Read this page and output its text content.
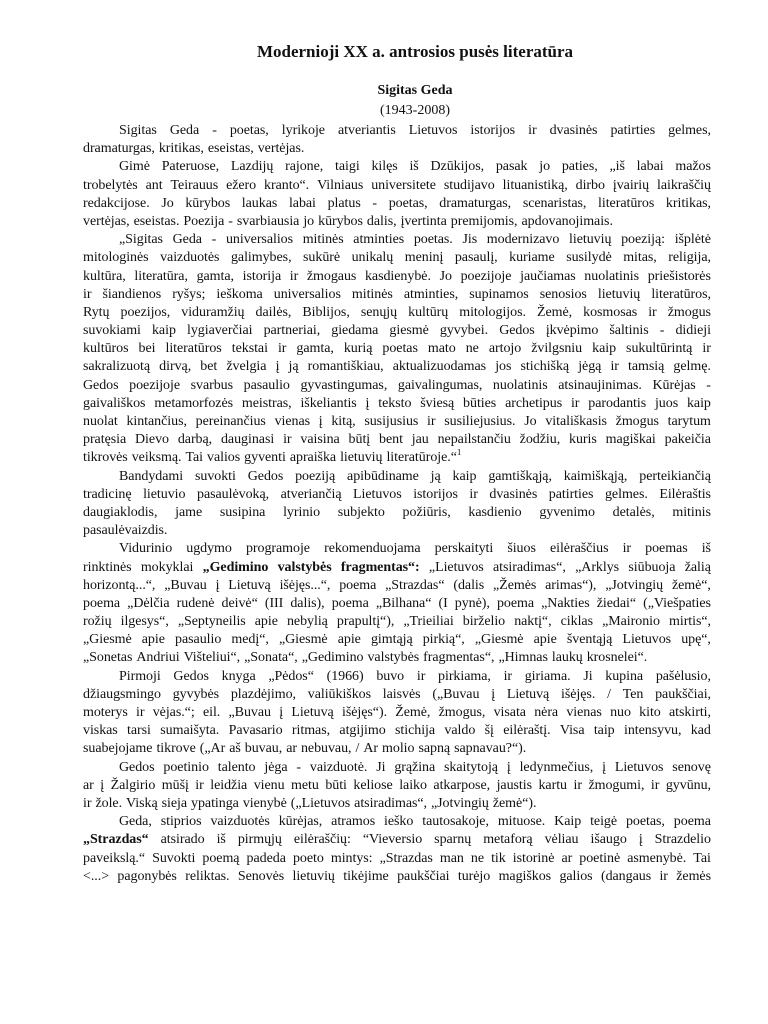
Modernioji XX a. antrosios pusės literatūra
Sigitas Geda
(1943-2008)
Sigitas Geda - poetas, lyrikoje atveriantis Lietuvos istorijos ir dvasinės patirties gelmes,
dramaturgas, kritikas, eseistas, vertėjas.
Gimė Pateruose, Lazdijų rajone, taigi kilęs iš Dzūkijos, pasak jo paties, „iš labai mažos
trobelytės ant Teirauus ežero kranto“. Vilniaus universitete studijavo lituanistiką, dirbo įvairių laikraščių
redakcijose. Jo kūrybos laukas labai platus - poetas, dramaturgas, scenaristas, literatūros kritikas,
vertėjas, eseistas. Poezija - svarbiausia jo kūrybos dalis, įvertinta premijomis, apdovanojimais.
„Sigitas Geda - universalios mitinės atminties poetas. Jis modernizavo lietuvių poeziją: išplėtė
mitologinės vaizduotės galimybes, sukūrė unikalų meninį pasaulį, kuriame susilydė mitas, religija,
kultūra, literatūra, gamta, istorija ir žmogaus kasdienybė. Jo poezijoje jaučiamas nuolatinis priešistorės
ir šiandienos ryšys; ieškoma universalios mitinės atminties, supinamos senosios lietuvių literatūros,
Rytų poezijos, viduramžių dailės, Biblijos, senųjų kultūrų mitologijos. Žemė, kosmosas ir žmogus
suvokiami kaip lygiaverčiai partneriai, giedama giesmė gyvybei. Gedos įkvėpimo šaltinis - didieji
kultūros bei literatūros tekstai ir gamta, kurią poetas mato ne artojo žvilgsniu kaip sukultūrintą ir
sakralizuotą dirvą, bet žvelgia į ją romantiškiau, aktualizuodamas jos stichišką jėgą ir tamsią gelmę.
Gedos poezijoje svarbus pasaulio gyvastingumas, gaivalingumas, nuolatinis atsinaujinimas. Kūrėjas -
gaivališkos metamorfozės meistras, iškeliantis į teksto šviesą būties archetipus ir parodantis juos kaip
nuolat kintančius, pereinančius vienas į kitą, susijusius ir susiliejusius. Jo vitališkasis žmogus tarytum
pratęsia Dievo darbą, dauginasi ir vaisina būtį bent jau nepailstančiu žodžiu, kuris magiškai pakeičia
tikrovės veiksmą. Tai valios gyventi apraiška lietuvių literatūroje.“$^1$
Bandydami suvokti Gedos poeziją apibūdiname ją kaip gamtiškąją, kaimiškąją, perteikiančią
tradicinę lietuvio pasaulėvoką, atveriančią Lietuvos istorijos ir dvasinės patirties gelmes. Eilėraštis
daugiaklodis, jame susipina lyrinio subjekto požiūris, kasdienio gyvenimo detalės, mitinis
pasaulėvaizdis.
Vidurinio ugdymo programoje rekomenduojama perskaityti šiuos eilėraščius ir poemas iš
rinktinės mokyklai „Gedimino valstybės fragmentas“: „Lietuvos atsiradimas“, „Arklys siūbuoja žalią
horizontą...“, „Buvau į Lietuvą išėjęs...“, poema „Strazdas“ (dalis „Žemės arimas“), „Jotvingių žemė“,
poema „Dėlčia rudenė deivė“ (III dalis), poema „Bilhana“ (I pynė), poema „Nakties žiedai“ („Viešpaties
rožių ilgesys“, „Septyneilis apie nebylią prapultį“), „Trieiliai birželio naktį“, ciklas „Maironio mirtis“,
„Giesmė apie pasaulio medį“, „Giesmė apie gimtąją pirkią“, „Giesmė apie šventąją Lietuvos upę“,
„Sonetas Andriui Višteliui“, „Sonata“, „Gedimino valstybės fragmentas“, „Himnas laukų krosnelei“.
Pirmoji Gedos knyga „Pėdos“ (1966) buvo ir pirkiama, ir giriama. Ji kupina pašėlusio,
džiaugsmingo gyvybės plazdėjimo, valiūkiškos laisvės („Buvau į Lietuvą išėjęs. / Ten paukščiai,
moterys ir vėjas.“; eil. „Buvau į Lietuvą išėjęs“). Žemė, žmogus, visata nėra vienas nuo kito atskirti,
viskas tarsi sumaišyta. Pavasario ritmas, atgijimo stichija valdo šį eilėraštį. Visa taip intensyvu, kad
suabejojame tikrove („Ar aš buvau, ar nebuvau, / Ar molio sapną sapnavau?“).
Gedos poetinio talento jėga - vaizduotė. Ji grąžina skaitytoją į ledynmečius, į Lietuvos senovę
ar į Žalgirio mūšį ir leidžia vienu metu būti keliose laiko atkarpose, jaustis kartu ir žmogumi, ir gyvūnu,
ir žole. Viską sieja ypatinga vienybė („Lietuvos atsiradimas“, „Jotvingių žemė“).
Geda, stiprios vaizduotės kūrėjas, atramos ieško tautosakoje, mituose. Kaip teigė poetas, poema
„Strazdas“ atsirado iš pirmųjų eilėraščių: “Vieversio sparnų metaforą vėliau išaugo į Strazdelio
paveikslą.“ Suvokti poemą padeda poeto mintys: „Strazdas man ne tik istorinė ar poetinė asmenybė. Tai
<...> pagonybės reliktas. Senovės lietuvių tikėjime paukščiai turėjo magiškos galios (dangaus ir žemės
